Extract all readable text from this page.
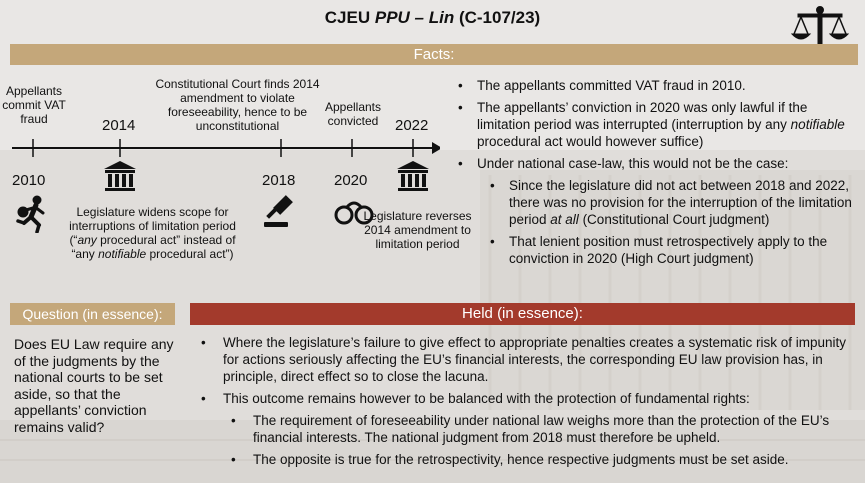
CJEU PPU – Lin (C-107/23)
Facts:
Appellants commit VAT fraud
2010
2014
Legislature widens scope for
interruptions of limitation period
(“any procedural act” instead of
“any notifiable procedural act”)
Constitutional Court finds 2014 amendment to violate foreseeability, hence to be unconstitutional
2018
Appellants convicted
2020
2022
Legislature reverses 2014 amendment to limitation period

• The appellants committed VAT fraud in 2010.

• The appellants’ conviction in 2020 was only lawful if the limitation period was interrupted (interruption by any notifiable procedural act would however suffice)

• Under national case-law, this would not be the case:

• Since the legislature did not act between 2018 and 2022, there was no provision for the interruption of the limitation period at all (Constitutional Court judgment)

• That lenient position must retrospectively apply to the conviction in 2020 (High Court judgment)

Question (in essence):
Does EU Law require any of the judgments by the national courts to be set aside, so that the appellants’ conviction remains valid?
Held (in essence):

• Where the legislature’s failure to give effect to appropriate penalties creates a systematic risk of impunity for actions seriously affecting the EU’s financial interests, the corresponding EU law provision has, in principle, direct effect so to close the lacuna.

• This outcome remains however to be balanced with the protection of fundamental rights:

• The requirement of foreseeability under national law weighs more than the protection of the EU’s financial interests. The national judgment from 2018 must therefore be upheld.

• The opposite is true for the retrospectivity, hence respective judgments must be set aside.
